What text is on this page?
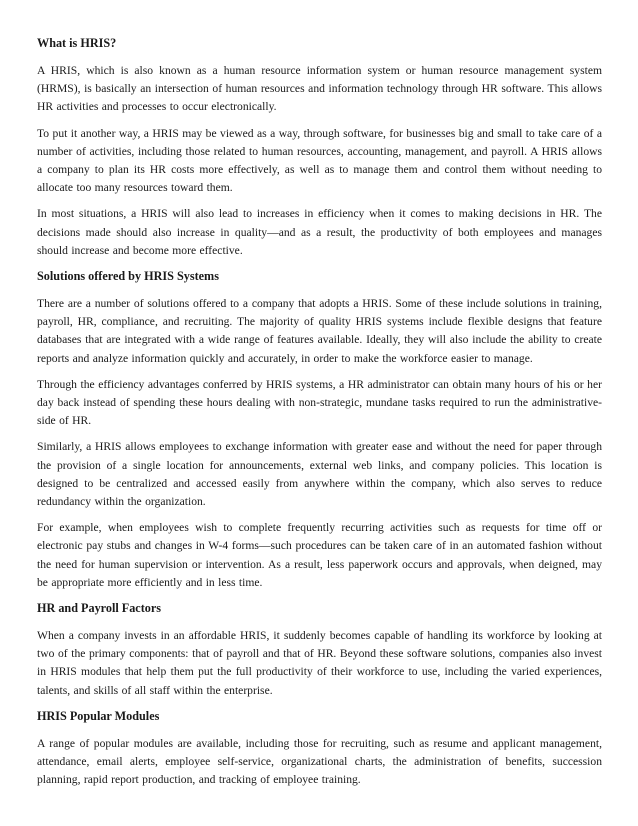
What is HRIS?

A HRIS, which is also known as a human resource information system or human resource management system (HRMS), is basically an intersection of human resources and information technology through HR software. This allows HR activities and processes to occur electronically.

To put it another way, a HRIS may be viewed as a way, through software, for businesses big and small to take care of a number of activities, including those related to human resources, accounting, management, and payroll. A HRIS allows a company to plan its HR costs more effectively, as well as to manage them and control them without needing to allocate too many resources toward them.

In most situations, a HRIS will also lead to increases in efficiency when it comes to making decisions in HR. The decisions made should also increase in quality—and as a result, the productivity of both employees and manages should increase and become more effective.

Solutions offered by HRIS Systems

There are a number of solutions offered to a company that adopts a HRIS. Some of these include solutions in training, payroll, HR, compliance, and recruiting. The majority of quality HRIS systems include flexible designs that feature databases that are integrated with a wide range of features available. Ideally, they will also include the ability to create reports and analyze information quickly and accurately, in order to make the workforce easier to manage.

Through the efficiency advantages conferred by HRIS systems, a HR administrator can obtain many hours of his or her day back instead of spending these hours dealing with non-strategic, mundane tasks required to run the administrative-side of HR.

Similarly, a HRIS allows employees to exchange information with greater ease and without the need for paper through the provision of a single location for announcements, external web links, and company policies. This location is designed to be centralized and accessed easily from anywhere within the company, which also serves to reduce redundancy within the organization.

For example, when employees wish to complete frequently recurring activities such as requests for time off or electronic pay stubs and changes in W-4 forms—such procedures can be taken care of in an automated fashion without the need for human supervision or intervention. As a result, less paperwork occurs and approvals, when deigned, may be appropriate more efficiently and in less time.

HR and Payroll Factors

When a company invests in an affordable HRIS, it suddenly becomes capable of handling its workforce by looking at two of the primary components: that of payroll and that of HR. Beyond these software solutions, companies also invest in HRIS modules that help them put the full productivity of their workforce to use, including the varied experiences, talents, and skills of all staff within the enterprise.

HRIS Popular Modules

A range of popular modules are available, including those for recruiting, such as resume and applicant management, attendance, email alerts, employee self-service, organizational charts, the administration of benefits, succession planning, rapid report production, and tracking of employee training.
